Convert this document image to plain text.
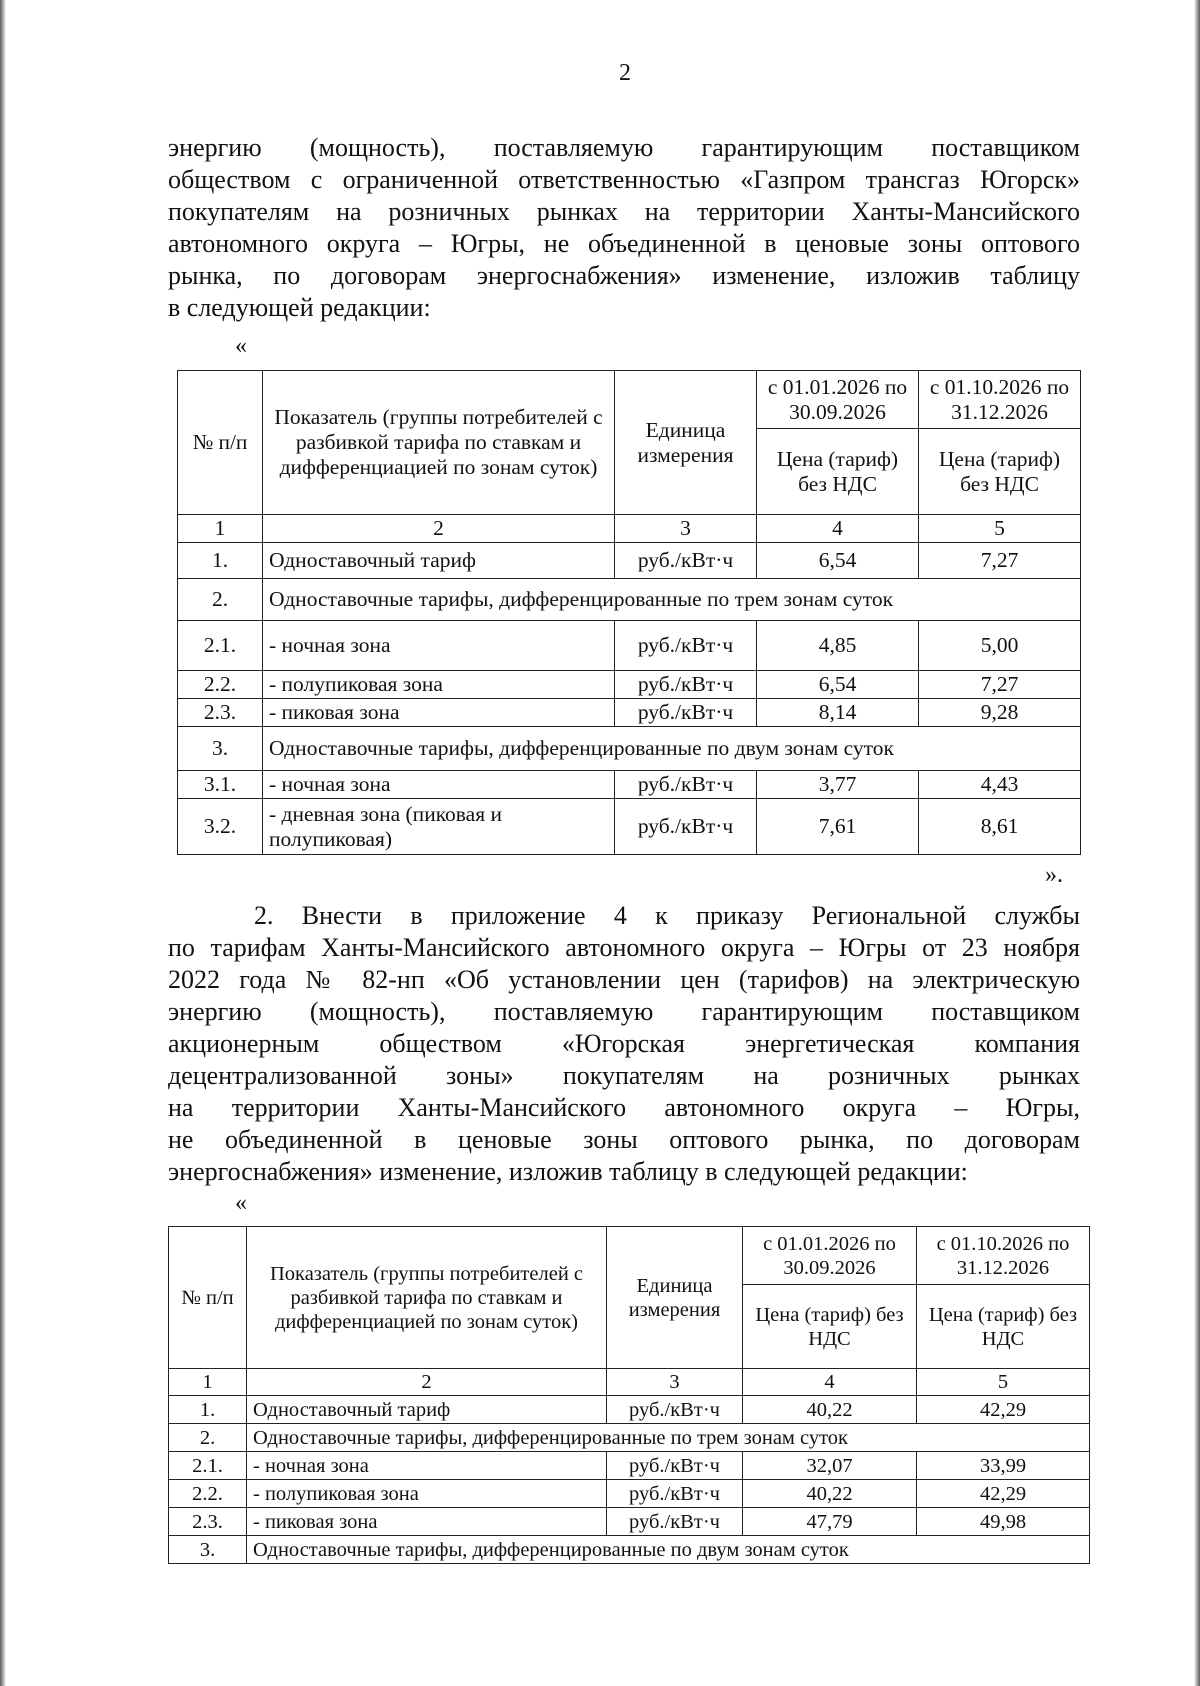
2
энергию (мощность), поставляемую гарантирующим поставщиком
обществом с ограниченной ответственностью «Газпром трансгаз Югорск»
покупателям на розничных рынках на территории Ханты-Мансийского
автономного округа – Югры, не объединенной в ценовые зоны оптового
рынка, по договорам энергоснабжения» изменение, изложив таблицу
в следующей редакции:
«
№ п/п	Показатель (группы потребителей с разбивкой тарифа по ставкам и дифференциацией по зонам суток)	Единица измерения	с 01.01.2026 по 30.09.2026	с 01.10.2026 по 31.12.2026
			Цена (тариф) без НДС	Цена (тариф) без НДС
1	2	3	4	5
1.	Одноставочный тариф	руб./кВт·ч	6,54	7,27
2.	Одноставочные тарифы, дифференцированные по трем зонам суток			
2.1.	- ночная зона	руб./кВт·ч	4,85	5,00
2.2.	- полупиковая зона	руб./кВт·ч	6,54	7,27
2.3.	- пиковая зона	руб./кВт·ч	8,14	9,28
3.	Одноставочные тарифы, дифференцированные по двум зонам суток			
3.1.	- ночная зона	руб./кВт·ч	3,77	4,43
3.2.	- дневная зона (пиковая и полупиковая)	руб./кВт·ч	7,61	8,61
».
2. Внести в приложение 4 к приказу Региональной службы
по тарифам Ханты-Мансийского автономного округа – Югры от 23 ноября
2022 года № 82-нп «Об установлении цен (тарифов) на электрическую
энергию (мощность), поставляемую гарантирующим поставщиком
акционерным обществом «Югорская энергетическая компания
децентрализованной зоны» покупателям на розничных рынках
на территории Ханты-Мансийского автономного округа – Югры,
не объединенной в ценовые зоны оптового рынка, по договорам
энергоснабжения» изменение, изложив таблицу в следующей редакции:
«
№ п/п	Показатель (группы потребителей с разбивкой тарифа по ставкам и дифференциацией по зонам суток)	Единица измерения	с 01.01.2026 по 30.09.2026	с 01.10.2026 по 31.12.2026
			Цена (тариф) без НДС	Цена (тариф) без НДС
1	2	3	4	5
1.	Одноставочный тариф	руб./кВт·ч	40,22	42,29
2.	Одноставочные тарифы, дифференцированные по трем зонам суток			
2.1.	- ночная зона	руб./кВт·ч	32,07	33,99
2.2.	- полупиковая зона	руб./кВт·ч	40,22	42,29
2.3.	- пиковая зона	руб./кВт·ч	47,79	49,98
3.	Одноставочные тарифы, дифференцированные по двум зонам суток			
